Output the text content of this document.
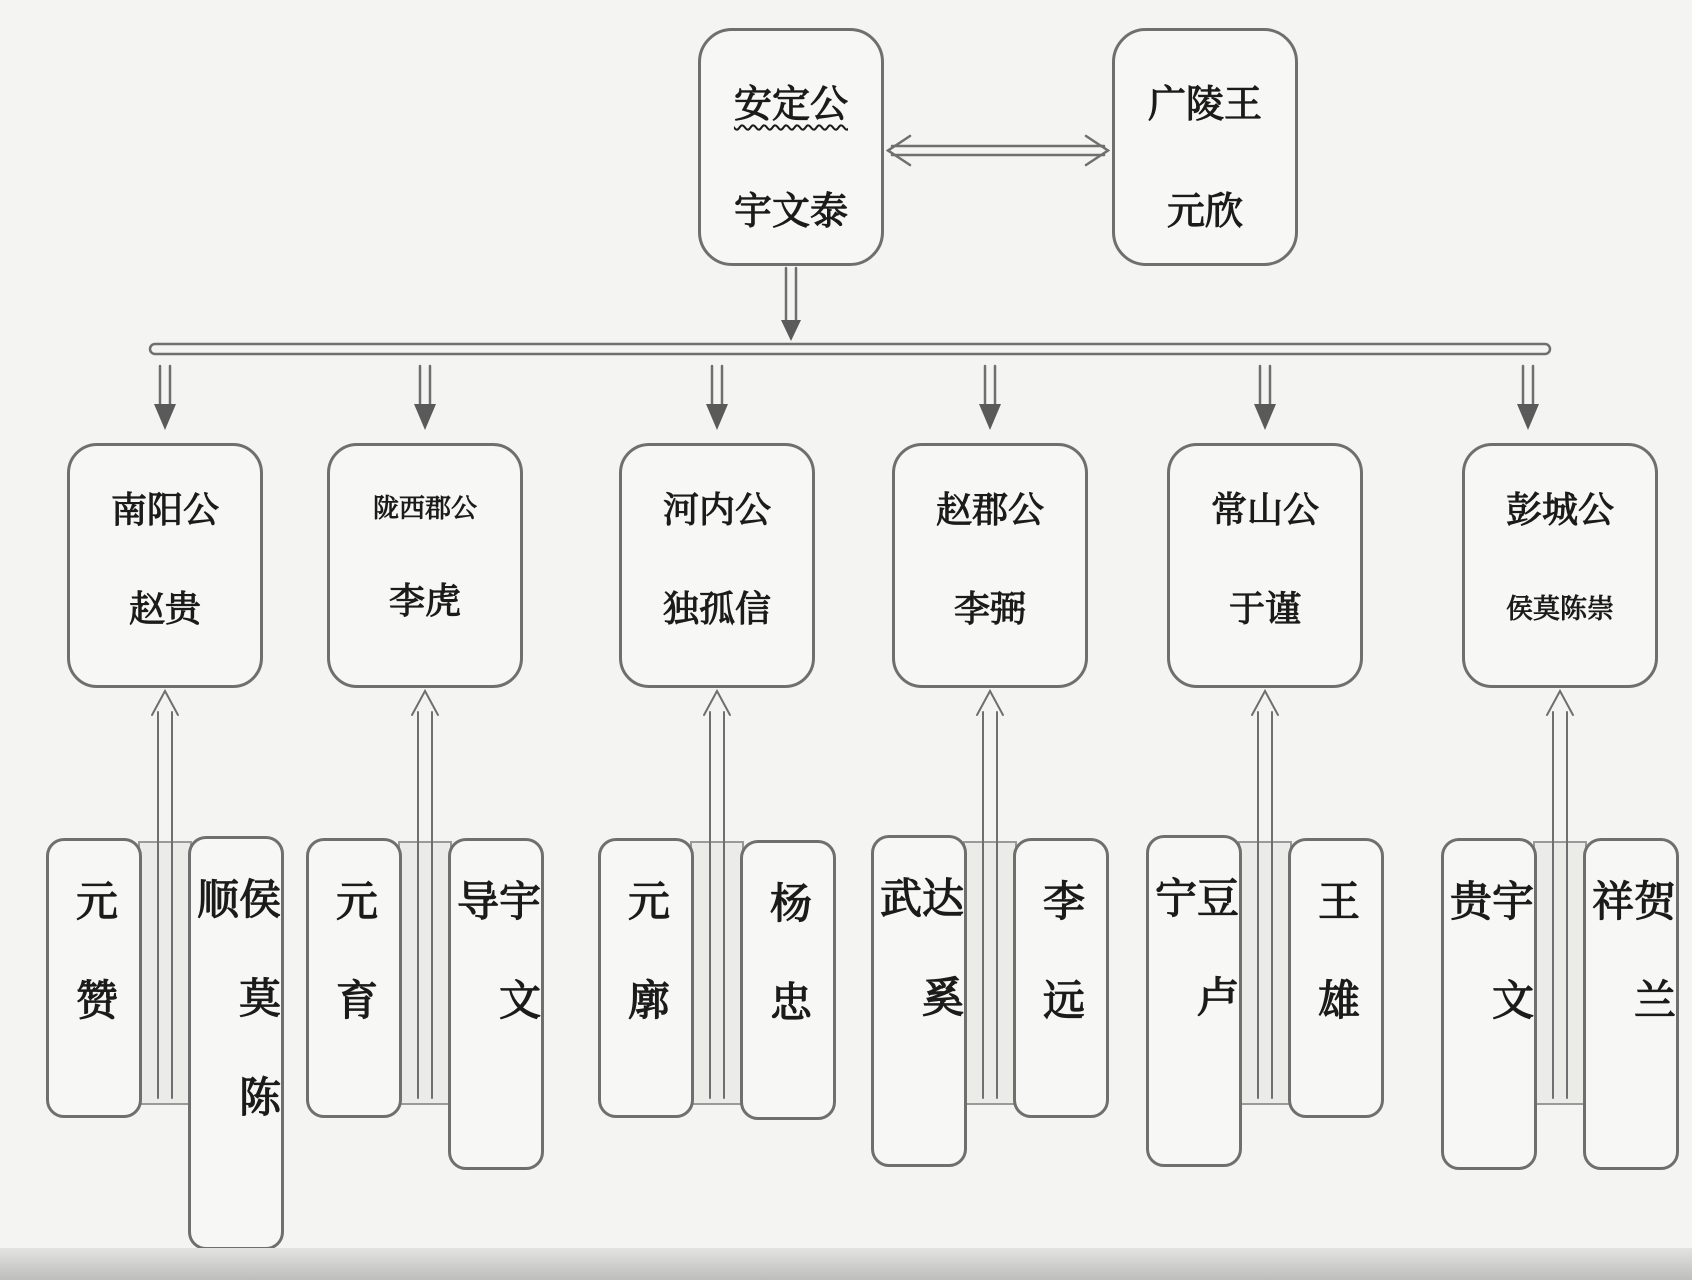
安定公
宇文泰
广陵王
元欣
南阳公
赵贵
元赞	侯莫陈顺
陇西郡公
李虎
元育	宇文导
河内公
独孤信
元廓 杨忠
赵郡公
李弼
达奚武	李远
常山公
于谨
豆卢宁	王雄
彭城公
侯莫陈崇
宇文贵	贺兰祥
